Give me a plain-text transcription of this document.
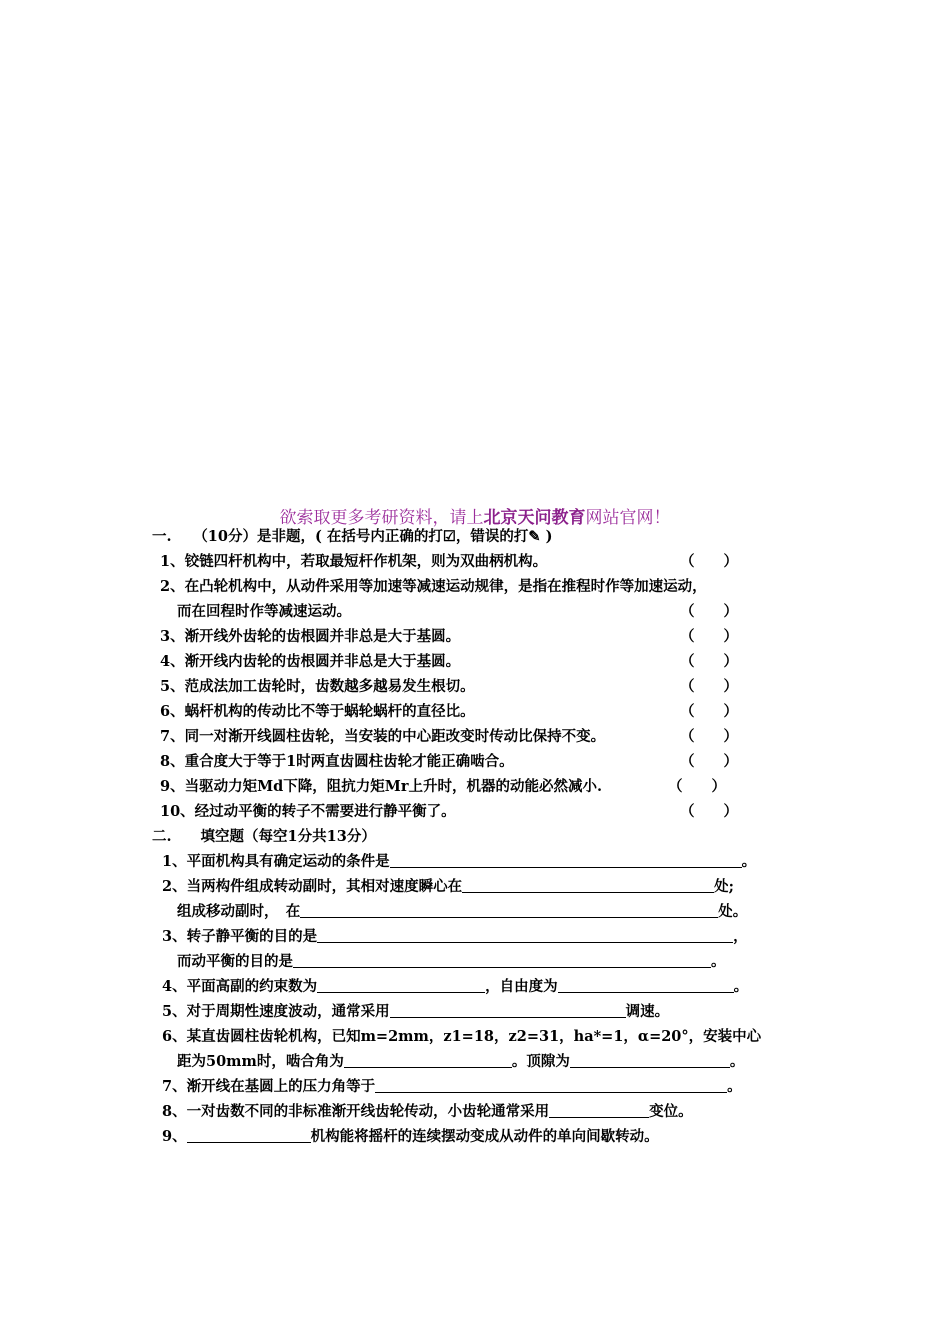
欲索取更多考研资料，请上北京天问教育网站官网！
一.　　（10分）是非题，( 在括号内正确的打☑，错误的打✎ )
1、铰链四杆机构中，若取最短杆作机架，则为双曲柄机构。	（　　）
2、在凸轮机构中，从动件采用等加速等减速运动规律，是指在推程时作等加速运动，
而在回程时作等减速运动。	（　　）
3、渐开线外齿轮的齿根圆并非总是大于基圆。	（　　）
4、渐开线内齿轮的齿根圆并非总是大于基圆。	（　　）
5、范成法加工齿轮时，齿数越多越易发生根切。	（　　）
6、蜗杆机构的传动比不等于蜗轮蜗杆的直径比。	（　　）
7、同一对渐开线圆柱齿轮，当安装的中心距改变时传动比保持不变。	（　　）
8、重合度大于等于1时两直齿圆柱齿轮才能正确啮合。	（　　）
9、当驱动力矩Md下降，阻抗力矩Mr上升时，机器的动能必然减小.	（　　）
10、经过动平衡的转子不需要进行静平衡了。	（　　）
二.　　填空题（每空1分共13分）
1、平面机构具有确定运动的条件是	。
2、当两构件组成转动副时，其相对速度瞬心在	处;
组成移动副时，　在	处。
3、转子静平衡的目的是	，
而动平衡的目的是	。
4、平面高副的约束数为	，自由度为	。
5、对于周期性速度波动，通常采用	调速。
6、某直齿圆柱齿轮机构，已知m=2mm，z1=18，z2=31，ha*=1，α=20°，安装中心
距为50mm时，啮合角为	。顶隙为	。
7、渐开线在基圆上的压力角等于	。
8、一对齿数不同的非标准渐开线齿轮传动，小齿轮通常采用	变位。
9、	机构能将摇杆的连续摆动变成从动件的单向间歇转动。
